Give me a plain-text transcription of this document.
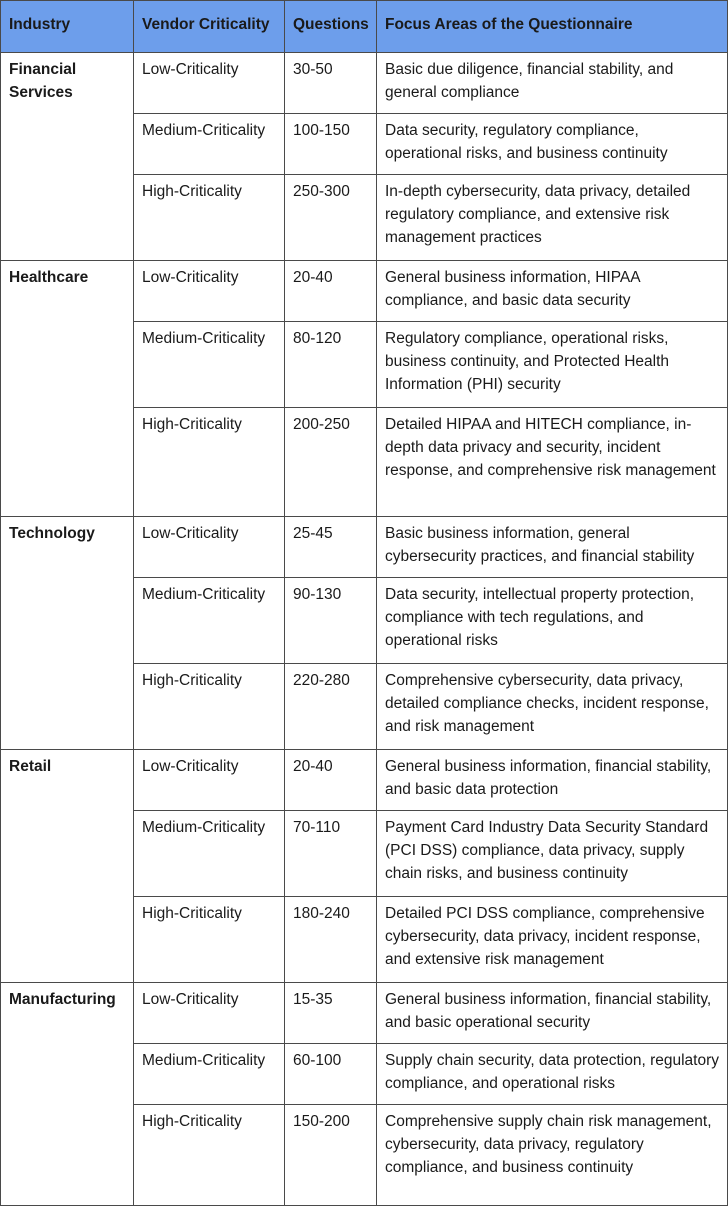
Industry	Vendor Criticality	Questions	Focus Areas of the Questionnaire
Financial Services	Low-Criticality	30-50	Basic due diligence, financial stability, and general compliance
	Medium-Criticality	100-150	Data security, regulatory compliance, operational risks, and business continuity
	High-Criticality	250-300	In-depth cybersecurity, data privacy, detailed regulatory compliance, and extensive risk management practices
Healthcare	Low-Criticality	20-40	General business information, HIPAA compliance, and basic data security
	Medium-Criticality	80-120	Regulatory compliance, operational risks, business continuity, and Protected Health Information (PHI) security
	High-Criticality	200-250	Detailed HIPAA and HITECH compliance, in-depth data privacy and security, incident response, and comprehensive risk management
Technology	Low-Criticality	25-45	Basic business information, general cybersecurity practices, and financial stability
	Medium-Criticality	90-130	Data security, intellectual property protection, compliance with tech regulations, and operational risks
	High-Criticality	220-280	Comprehensive cybersecurity, data privacy, detailed compliance checks, incident response, and risk management
Retail	Low-Criticality	20-40	General business information, financial stability, and basic data protection
	Medium-Criticality	70-110	Payment Card Industry Data Security Standard (PCI DSS) compliance, data privacy, supply chain risks, and business continuity
	High-Criticality	180-240	Detailed PCI DSS compliance, comprehensive cybersecurity, data privacy, incident response, and extensive risk management
Manufacturing	Low-Criticality	15-35	General business information, financial stability, and basic operational security
	Medium-Criticality	60-100	Supply chain security, data protection, regulatory compliance, and operational risks
	High-Criticality	150-200	Comprehensive supply chain risk management, cybersecurity, data privacy, regulatory compliance, and business continuity
